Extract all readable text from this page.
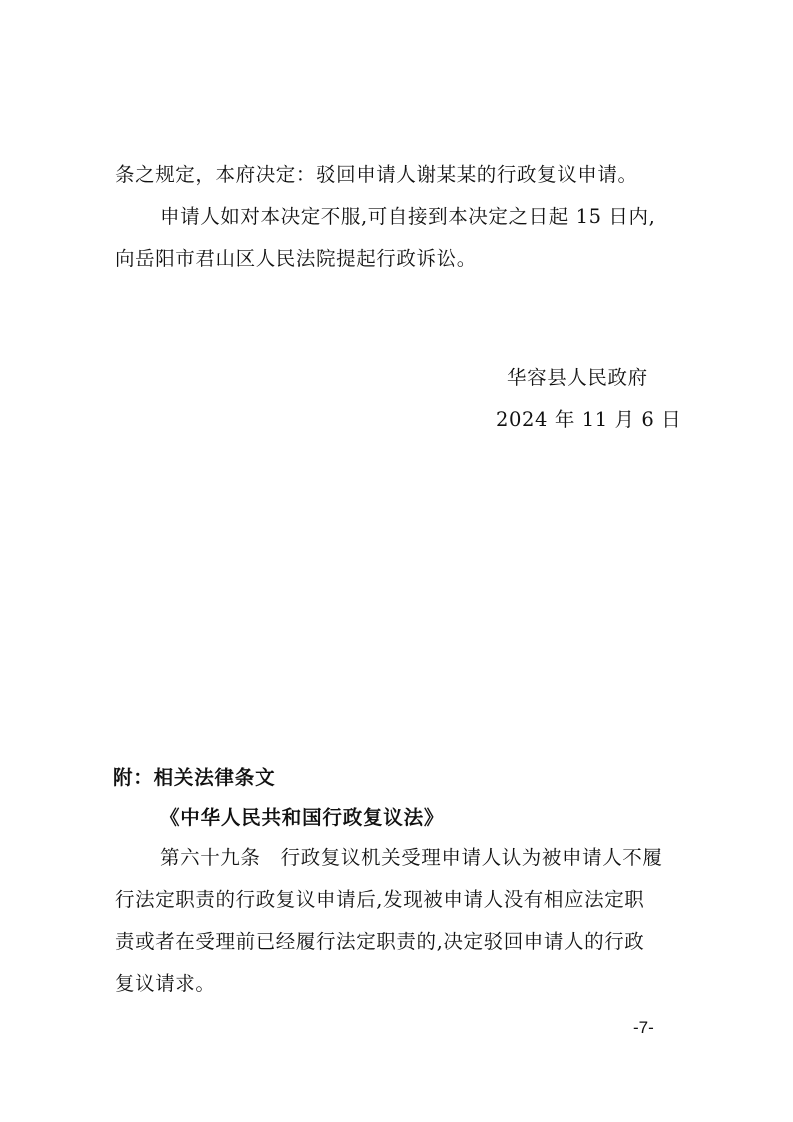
条之规定，本府决定：驳回申请人谢某某的行政复议申请。
申请人如对本决定不服,可自接到本决定之日起 15 日内,
向岳阳市君山区人民法院提起行政诉讼。
华容县人民政府
2024 年 11 月 6 日
附：相关法律条文
《中华人民共和国行政复议法》
第六十九条　行政复议机关受理申请人认为被申请人不履
行法定职责的行政复议申请后,发现被申请人没有相应法定职
责或者在受理前已经履行法定职责的,决定驳回申请人的行政
复议请求。
-7-
